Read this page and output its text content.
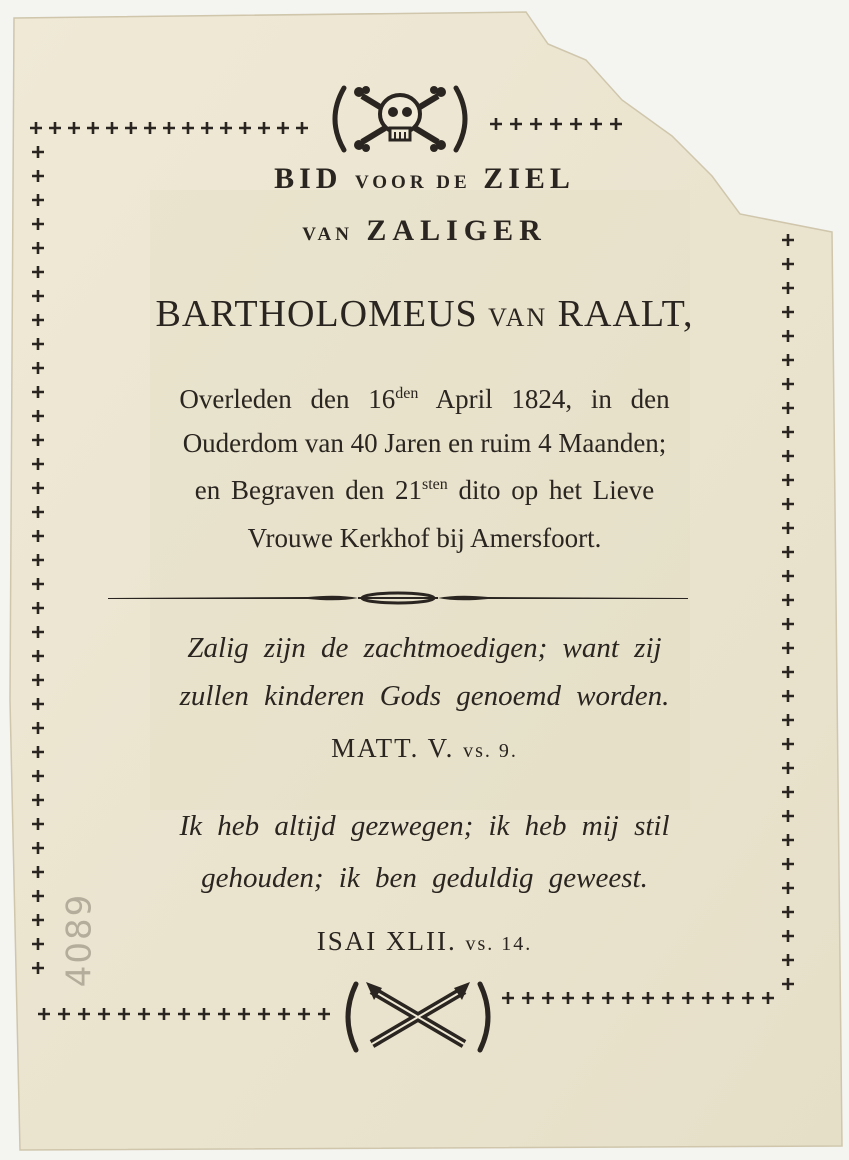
BID VOOR DE ZIEL
VAN ZALIGER
BARTHOLOMEUS VAN RAALT,
Overleden den $16^{den}$ April 1824, in den
Ouderdom van 40 Jaren en ruim 4 Maanden;
en Begraven den $21^{sten}$ dito op het Lieve
Vrouwe Kerkhof bij Amersfoort.
Zalig zijn de zachtmoedigen; want zij
zullen kinderen Gods genoemd worden.
MATT. V. vs. 9.
Ik heb altijd gezwegen; ik heb mij stil
gehouden; ik ben geduldig geweest.
ISAI XLII. vs. 14.
4089
